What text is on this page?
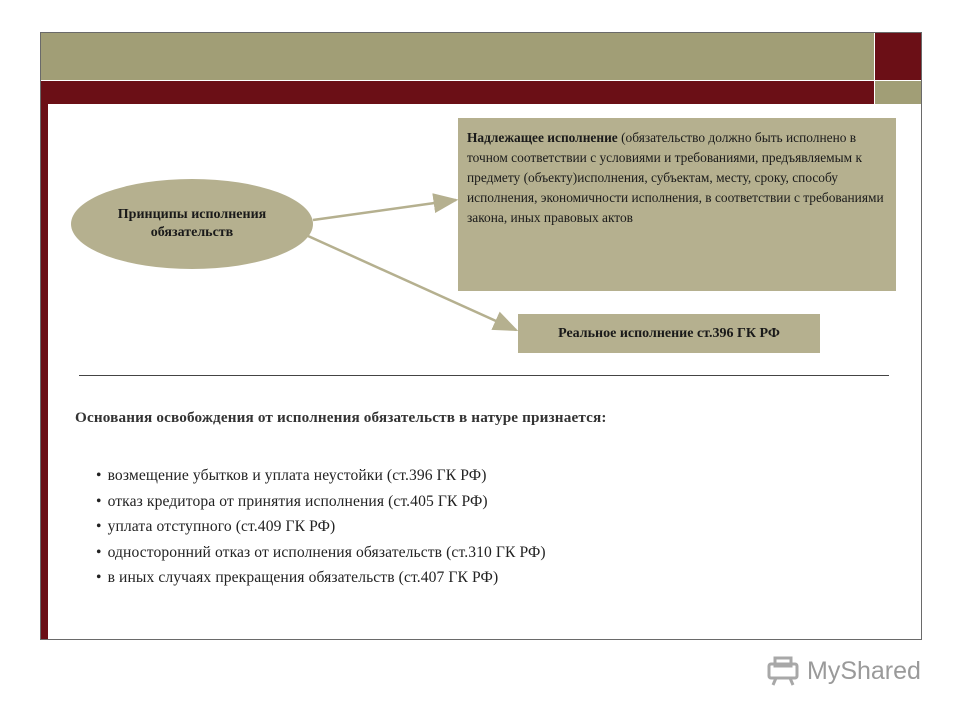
Принципы исполнения обязательств
Надлежащее исполнение (обязательство должно быть исполнено в точном соответствии с условиями и требованиями, предъявляемым к предмету (объекту)исполнения, субъектам, месту, сроку, способу исполнения, экономичности исполнения, в соответствии с требованиями закона, иных правовых актов
Реальное исполнение ст.396 ГК РФ
Основания освобождения от исполнения обязательств в натуре признается:
• возмещение убытков и уплата неустойки (ст.396 ГК РФ)
• отказ кредитора от принятия исполнения (ст.405 ГК РФ)
• уплата отступного (ст.409 ГК РФ)
• односторонний отказ от исполнения обязательств (ст.310 ГК РФ)
• в иных случаях прекращения обязательств (ст.407 ГК РФ)
MyShared
